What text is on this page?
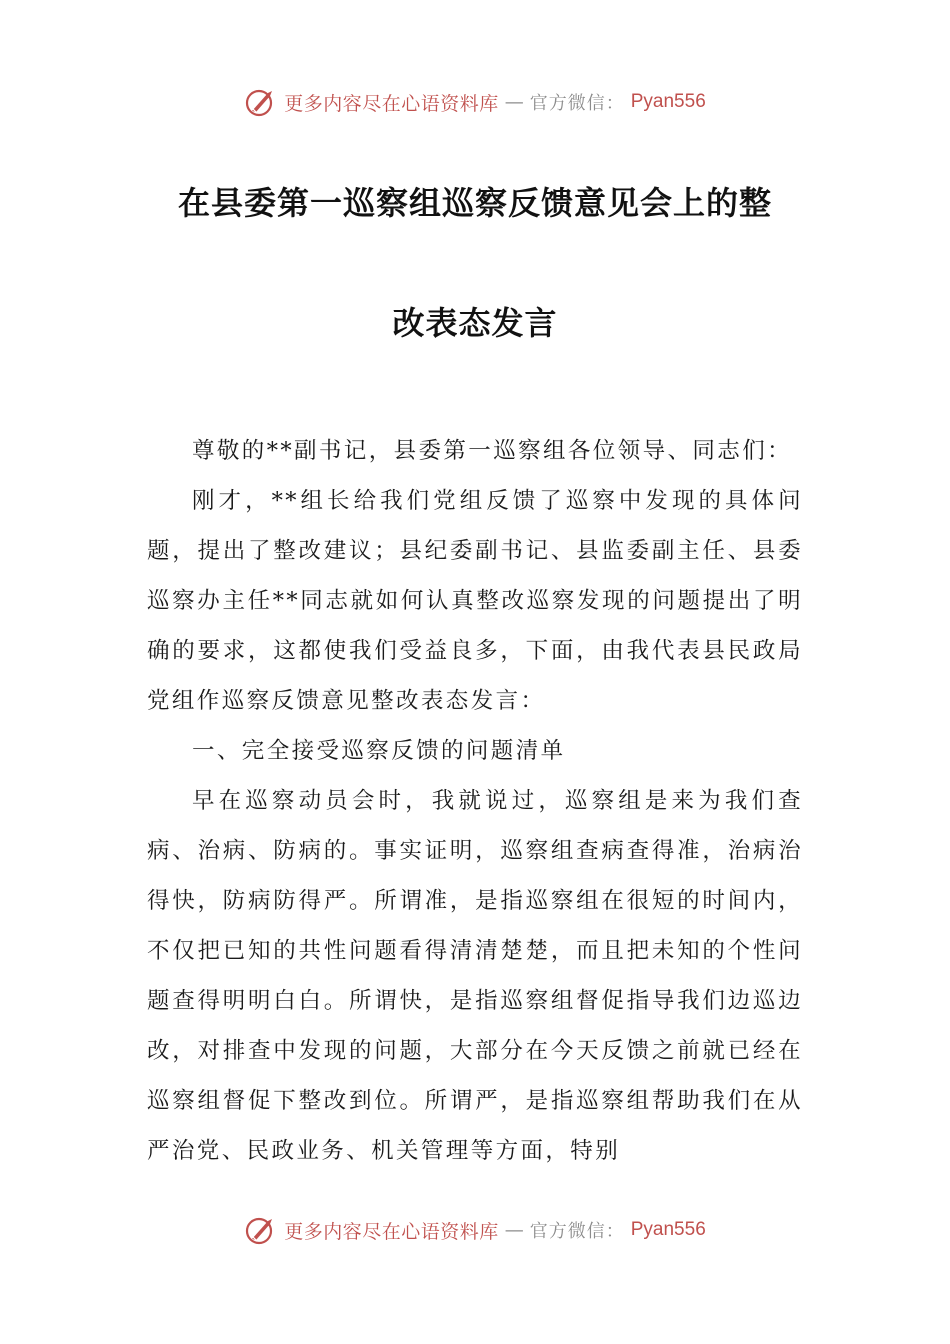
更多内容尽在心语资料库 — 官方微信： Pyan556
在县委第一巡察组巡察反馈意见会上的整
改表态发言

尊敬的**副书记，县委第一巡察组各位领导、同志们：

刚才，**组长给我们党组反馈了巡察中发现的具体问题，提出了整改建议；县纪委副书记、县监委副主任、县委巡察办主任**同志就如何认真整改巡察发现的问题提出了明确的要求，这都使我们受益良多，下面，由我代表县民政局党组作巡察反馈意见整改表态发言：

一、完全接受巡察反馈的问题清单

早在巡察动员会时，我就说过，巡察组是来为我们查病、治病、防病的。事实证明，巡察组查病查得准，治病治得快，防病防得严。所谓准，是指巡察组在很短的时间内，不仅把已知的共性问题看得清清楚楚，而且把未知的个性问题查得明明白白。所谓快，是指巡察组督促指导我们边巡边改，对排查中发现的问题，大部分在今天反馈之前就已经在巡察组督促下整改到位。所谓严，是指巡察组帮助我们在从严治党、民政业务、机关管理等方面，特别

更多内容尽在心语资料库 — 官方微信： Pyan556
